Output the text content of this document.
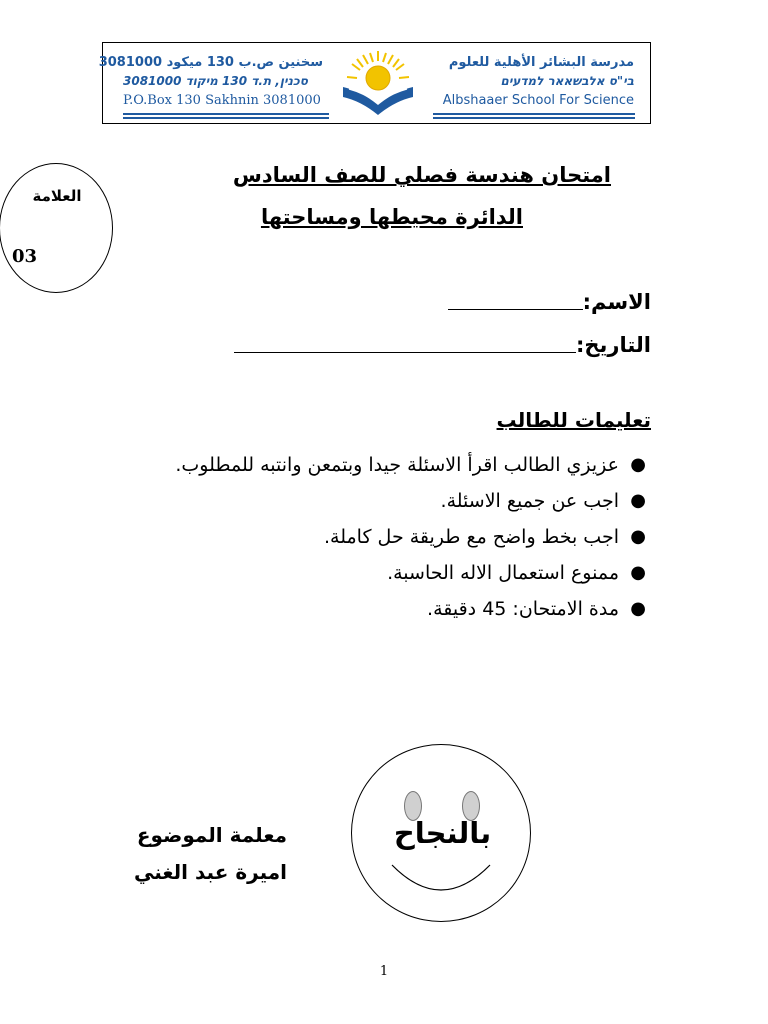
سخنين ص.ب 130 ميكود 3081000
סכנין, ת.ד 130 מיקוד 3081000
P.O.Box 130 Sakhnin 3081000
مدرسة البشائر الأهلية للعلوم
בי"ס אלבשאאר למדעים
Albshaaer School For Science
العلامة
03
امتحان هندسة فصلي للصف السادس
الدائرة محيطها ومساحتها
الاسم:
التاريخ:
تعليمات للطالب
●
عزيزي الطالب اقرأ الاسئلة جيدا وبتمعن وانتبه للمطلوب.
●
اجب عن جميع الاسئلة.
●
اجب بخط واضح مع طريقة حل كاملة.
●
ممنوع استعمال الاله الحاسبة.
●
مدة الامتحان: 45 دقيقة.
بالنجاح
معلمة الموضوع
اميرة عبد الغني
1
